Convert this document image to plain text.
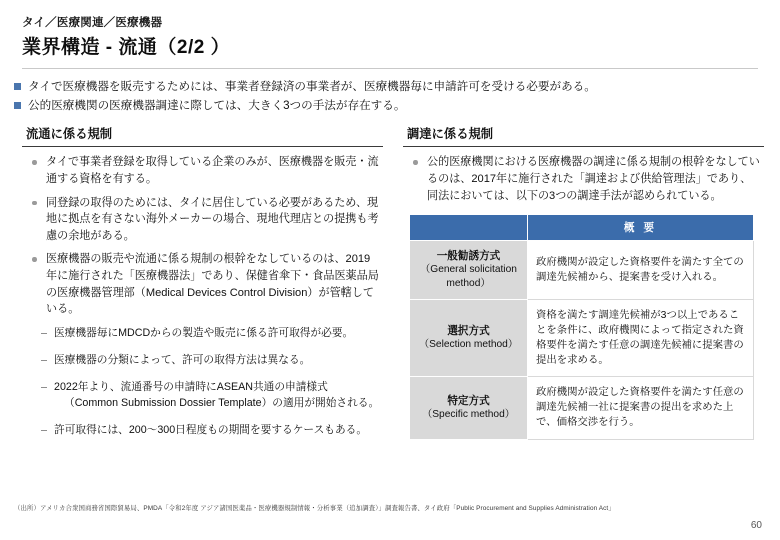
タイ／医療関連／医療機器
業界構造 - 流通（2/2 ）
タイで医療機器を販売するためには、事業者登録済の事業者が、医療機器毎に申請許可を受ける必要がある。
公的医療機関の医療機器調達に際しては、大きく3つの手法が存在する。
流通に係る規制
タイで事業者登録を取得している企業のみが、医療機器を販売・流通する資格を有する。
同登録の取得のためには、タイに居住している必要があるため、現地に拠点を有さない海外メーカーの場合、現地代理店との提携も考慮の余地がある。
医療機器の販売や流通に係る規制の根幹をなしているのは、2019年に施行された「医療機器法」であり、保健省傘下・食品医薬品局の医療機器管理部（Medical Devices Control Division）が管轄している。
医療機器毎にMDCDからの製造や販売に係る許可取得が必要。
医療機器の分類によって、許可の取得方法は異なる。
2022年より、流通番号の申請時にASEAN共通の申請様式
（Common Submission Dossier Template）の適用が開始される。
許可取得には、200〜300日程度もの期間を要するケースもある。
調達に係る規制
公的医療機関における医療機器の調達に係る規制の根幹をなしているのは、2017年に施行された「調達および供給管理法」であり、同法においては、以下の3つの調達手法が認められている。
	概 要

一般勧誘方式
（General solicitation method）	政府機関が設定した資格要件を満たす全ての調達先候補から、提案書を受け入れる。

選択方式
（Selection method）	資格を満たす調達先候補が3つ以上であることを条件に、政府機関によって指定された資格要件を満たす任意の調達先候補に提案書の提出を求める。

特定方式
（Specific method）	政府機関が設定した資格要件を満たす任意の調達先候補一社に提案書の提出を求めた上で、価格交渉を行う。
（出所）アメリカ合衆国商務省国際貿易局、PMDA「令和2年度 アジア諸国医薬品・医療機器規制情報・分析事業（追加調査）」調査報告書、タイ政府「Public Procurement and Supplies Administration Act」
60
